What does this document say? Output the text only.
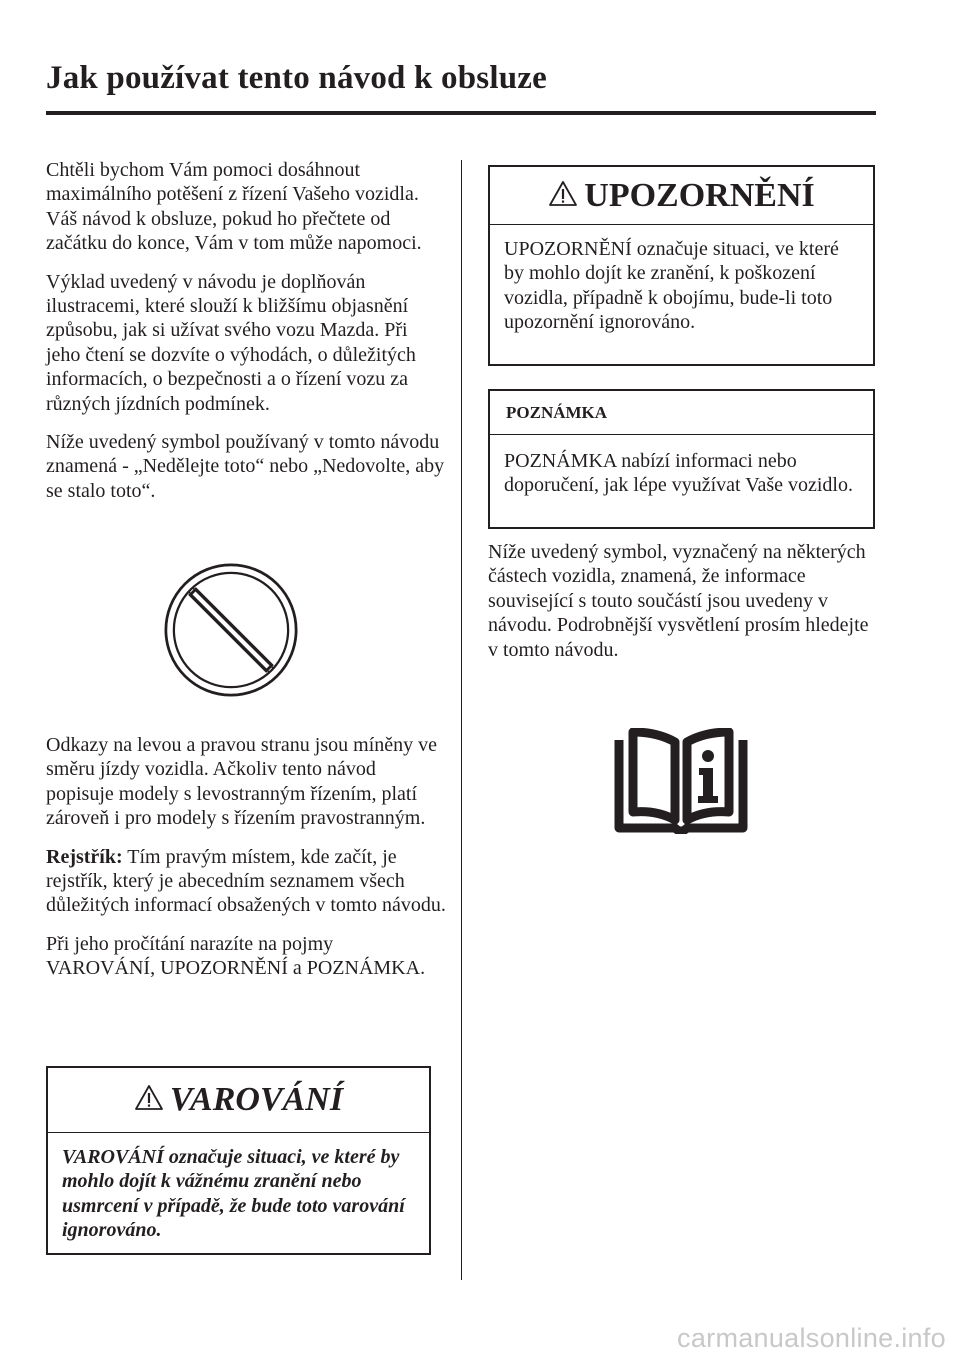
Jak používat tento návod k obsluze

Chtěli bychom Vám pomoci dosáhnout maximálního potěšení z řízení Vašeho vozidla. Váš návod k obsluze, pokud ho přečtete od začátku do konce, Vám v tom může napomoci.

Výklad uvedený v návodu je doplňován ilustracemi, které slouží k bližšímu objasnění způsobu, jak si užívat svého vozu Mazda. Při jeho čtení se dozvíte o výhodách, o důležitých informacích, o bezpečnosti a o řízení vozu za různých jízdních podmínek.

Níže uvedený symbol používaný v tomto návodu znamená - „Nedělejte toto“ nebo „Nedovolte, aby se stalo toto“.

Odkazy na levou a pravou stranu jsou míněny ve směru jízdy vozidla. Ačkoliv tento návod popisuje modely s levostranným řízením, platí zároveň i pro modely s řízením pravostranným.

Rejstřík: Tím pravým místem, kde začít, je rejstřík, který je abecedním seznamem všech důležitých informací obsažených v tomto návodu.

Při jeho pročítání narazíte na pojmy VAROVÁNÍ, UPOZORNĚNÍ a POZNÁMKA.

VAROVÁNÍ
VAROVÁNÍ označuje situaci, ve které by mohlo dojít k vážnému zranění nebo usmrcení v případě, že bude toto varování ignorováno.
UPOZORNĚNÍ
UPOZORNĚNÍ označuje situaci, ve které by mohlo dojít ke zranění, k poškození vozidla, případně k obojímu, bude-li toto upozornění ignorováno.
POZNÁMKA
POZNÁMKA nabízí informaci nebo doporučení, jak lépe využívat Vaše vozidlo.

Níže uvedený symbol, vyznačený na některých částech vozidla, znamená, že informace související s touto součástí jsou uvedeny v návodu. Podrobnější vysvětlení prosím hledejte v tomto návodu.

carmanualsonline.info
